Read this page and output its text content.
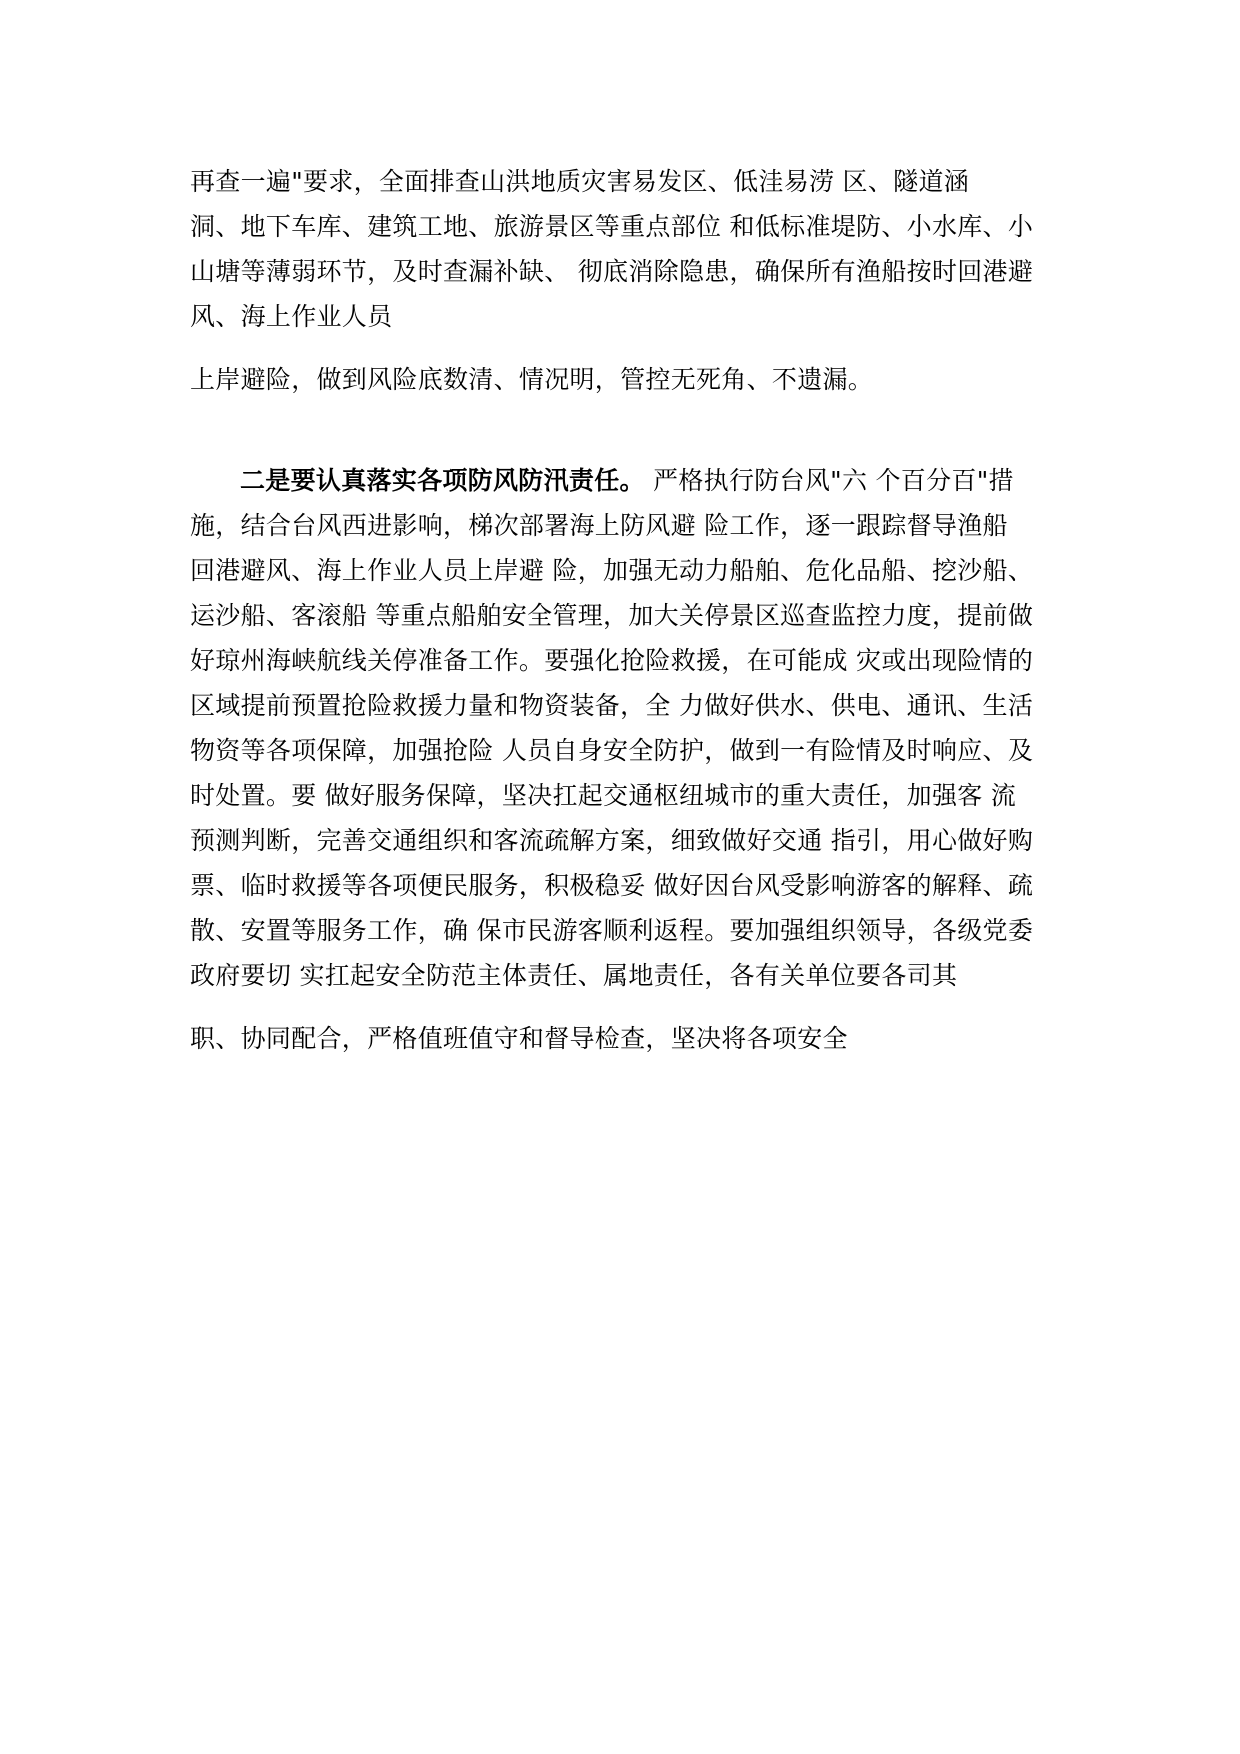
再查一遍"要求，全面排查山洪地质灾害易发区、低洼易涝 区、隧道涵
洞、地下车库、建筑工地、旅游景区等重点部位 和低标准堤防、小水库、小
山塘等薄弱环节，及时查漏补缺、 彻底消除隐患，确保所有渔船按时回港避
风、海上作业人员
上岸避险，做到风险底数清、情况明，管控无死角、不遗漏。
二是要认真落实各项防风防汛责任。 严格执行防台风"六 个百分百"措
施，结合台风西进影响，梯次部署海上防风避 险工作，逐一跟踪督导渔船
回港避风、海上作业人员上岸避 险，加强无动力船舶、危化品船、挖沙船、
运沙船、客滚船 等重点船舶安全管理，加大关停景区巡查监控力度，提前做
好琼州海峡航线关停准备工作。要强化抢险救援，在可能成 灾或出现险情的
区域提前预置抢险救援力量和物资装备，全 力做好供水、供电、通讯、生活
物资等各项保障，加强抢险 人员自身安全防护，做到一有险情及时响应、及
时处置。要 做好服务保障，坚决扛起交通枢纽城市的重大责任，加强客 流
预测判断，完善交通组织和客流疏解方案，细致做好交通 指引，用心做好购
票、临时救援等各项便民服务，积极稳妥 做好因台风受影响游客的解释、疏
散、安置等服务工作，确 保市民游客顺利返程。要加强组织领导，各级党委
政府要切 实扛起安全防范主体责任、属地责任，各有关单位要各司其
职、协同配合，严格值班值守和督导检查，坚决将各项安全
